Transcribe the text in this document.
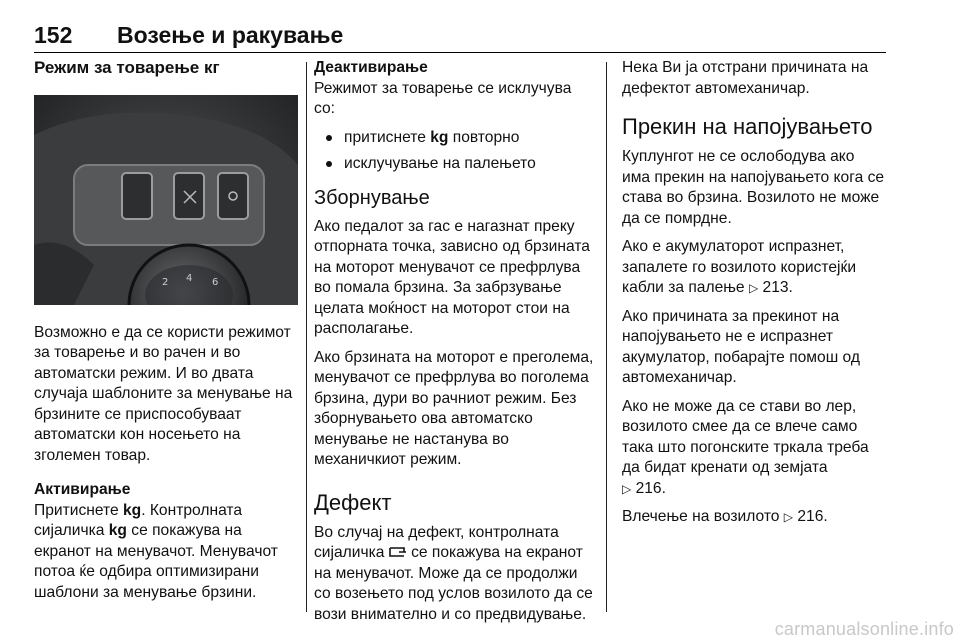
152 Возење и ракување
Режим за товарење кг
2 4 6

Возможно е да се користи режимот за товарење и во рачен и во автоматски режим. И во двата случаја шаблоните за менување на брзините се приспособуваат автоматски кон носењето на зголемен товар.

Активирање

Притиснете kg. Контролната сијаличка kg се покажува на екранот на менувачот. Менувачот потоа ќе одбира оптимизирани шаблони за менување брзини.

Деактивирање

Режимот за товарење се исклучува со:

притиснете kg повторно
исклучување на палењето
Зборнување

Ако педалот за гас е нагазнат преку отпорната точка, зависно од брзината на моторот менувачот се префрлува во помала брзина. За забрзување целата моќност на моторот стои на располагање.

Ако брзината на моторот е преголема, менувачот се префрлува во поголема брзина, дури во рачниот режим. Без зборнувањето ова автоматско менување не настанува во механичкиот режим.

Дефект

Во случај на дефект, контролната сијаличка  се покажува на екранот на менувачот. Може да се продолжи со возењето под услов возилото да се вози внимателно и со предвидување.

Нека Ви ја отстрани причината на дефектот автомеханичар.

Прекин на напојувањето

Куплунгот не се ослободува ако има прекин на напојувањето кога се става во брзина. Возилото не може да се помрдне.

Ако е акумулаторот испразнет, запалете го возилото користејќи кабли за палење ▷ 213.

Ако причината за прекинот на напојувањето не е испразнет акумулатор, побарајте помош од автомеханичар.

Ако не може да се стави во лер, возилото смее да се влече само така што погонските тркала треба да бидат кренати од земјата
▷ 216.

Влечење на возилото ▷ 216.

carmanualsonline.info
